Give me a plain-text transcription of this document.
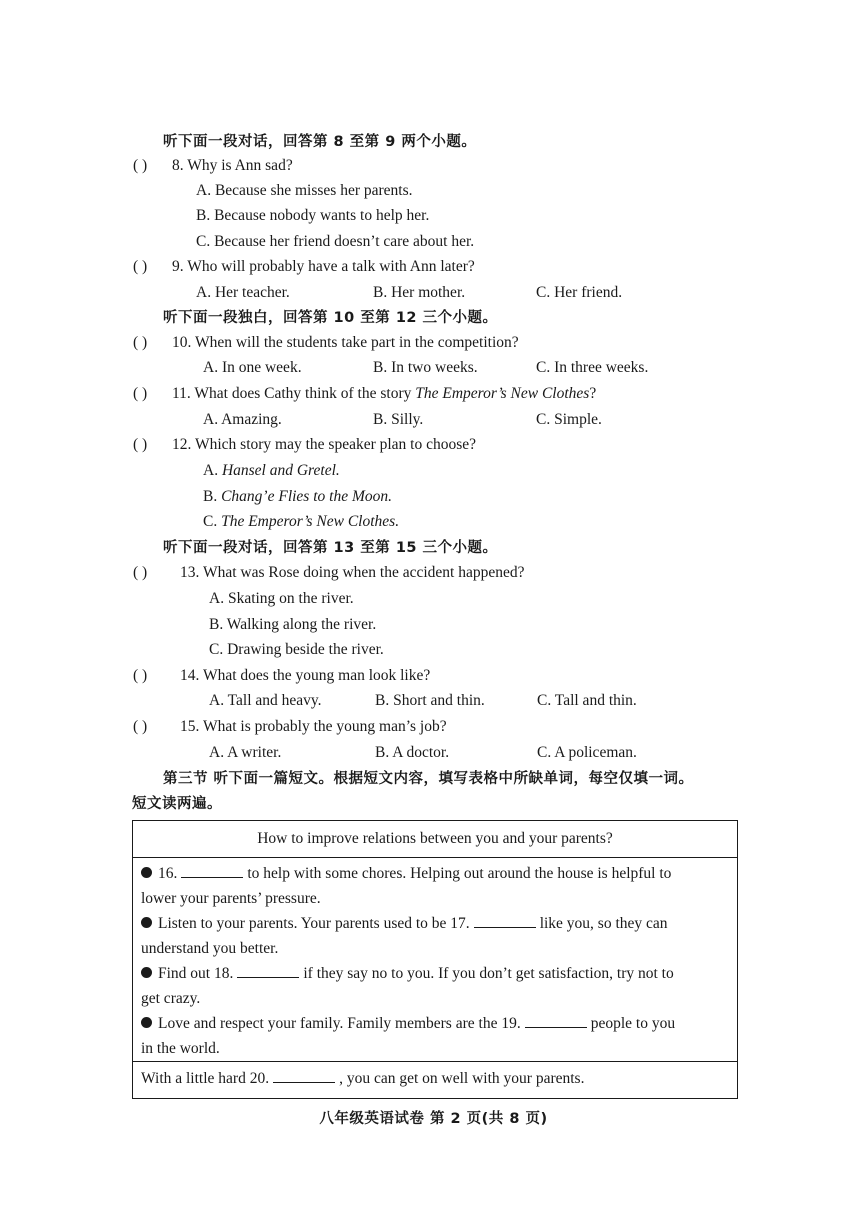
听下面一段对话，回答第 8 至第 9 两个小题。
( ) 8. Why is Ann sad?
A. Because she misses her parents.
B. Because nobody wants to help her.
C. Because her friend doesn’t care about her.
( ) 9. Who will probably have a talk with Ann later?
A. Her teacher.	B. Her mother.	C. Her friend.
听下面一段独白，回答第 10 至第 12 三个小题。
( ) 10. When will the students take part in the competition?
A. In one week.	B. In two weeks.	C. In three weeks.
( ) 11. What does Cathy think of the story The Emperor’s New Clothes?
A. Amazing.	B. Silly.	C. Simple.
( ) 12. Which story may the speaker plan to choose?
A. Hansel and Gretel.
B. Chang’e Flies to the Moon.
C. The Emperor’s New Clothes.
听下面一段对话，回答第 13 至第 15 三个小题。
( ) 13. What was Rose doing when the accident happened?
A. Skating on the river.
B. Walking along the river.
C. Drawing beside the river.
( ) 14. What does the young man look like?
A. Tall and heavy.	B. Short and thin.	C. Tall and thin.
( ) 15. What is probably the young man’s job?
A. A writer.	B. A doctor.	C. A policeman.
第三节 听下面一篇短文。根据短文内容，填写表格中所缺单词，每空仅填一词。
短文读两遍。
How to improve relations between you and your parents?
16.	to help with some chores. Helping out around the house is helpful to
lower your parents’ pressure.
Listen to your parents. Your parents used to be 17.	like you, so they can
understand you better.
Find out 18.	if they say no to you. If you don’t get satisfaction, try not to
get crazy.
Love and respect your family. Family members are the 19.	people to you
in the world.
With a little hard 20.	, you can get on well with your parents.
八年级英语试卷 第 2 页(共 8 页)
